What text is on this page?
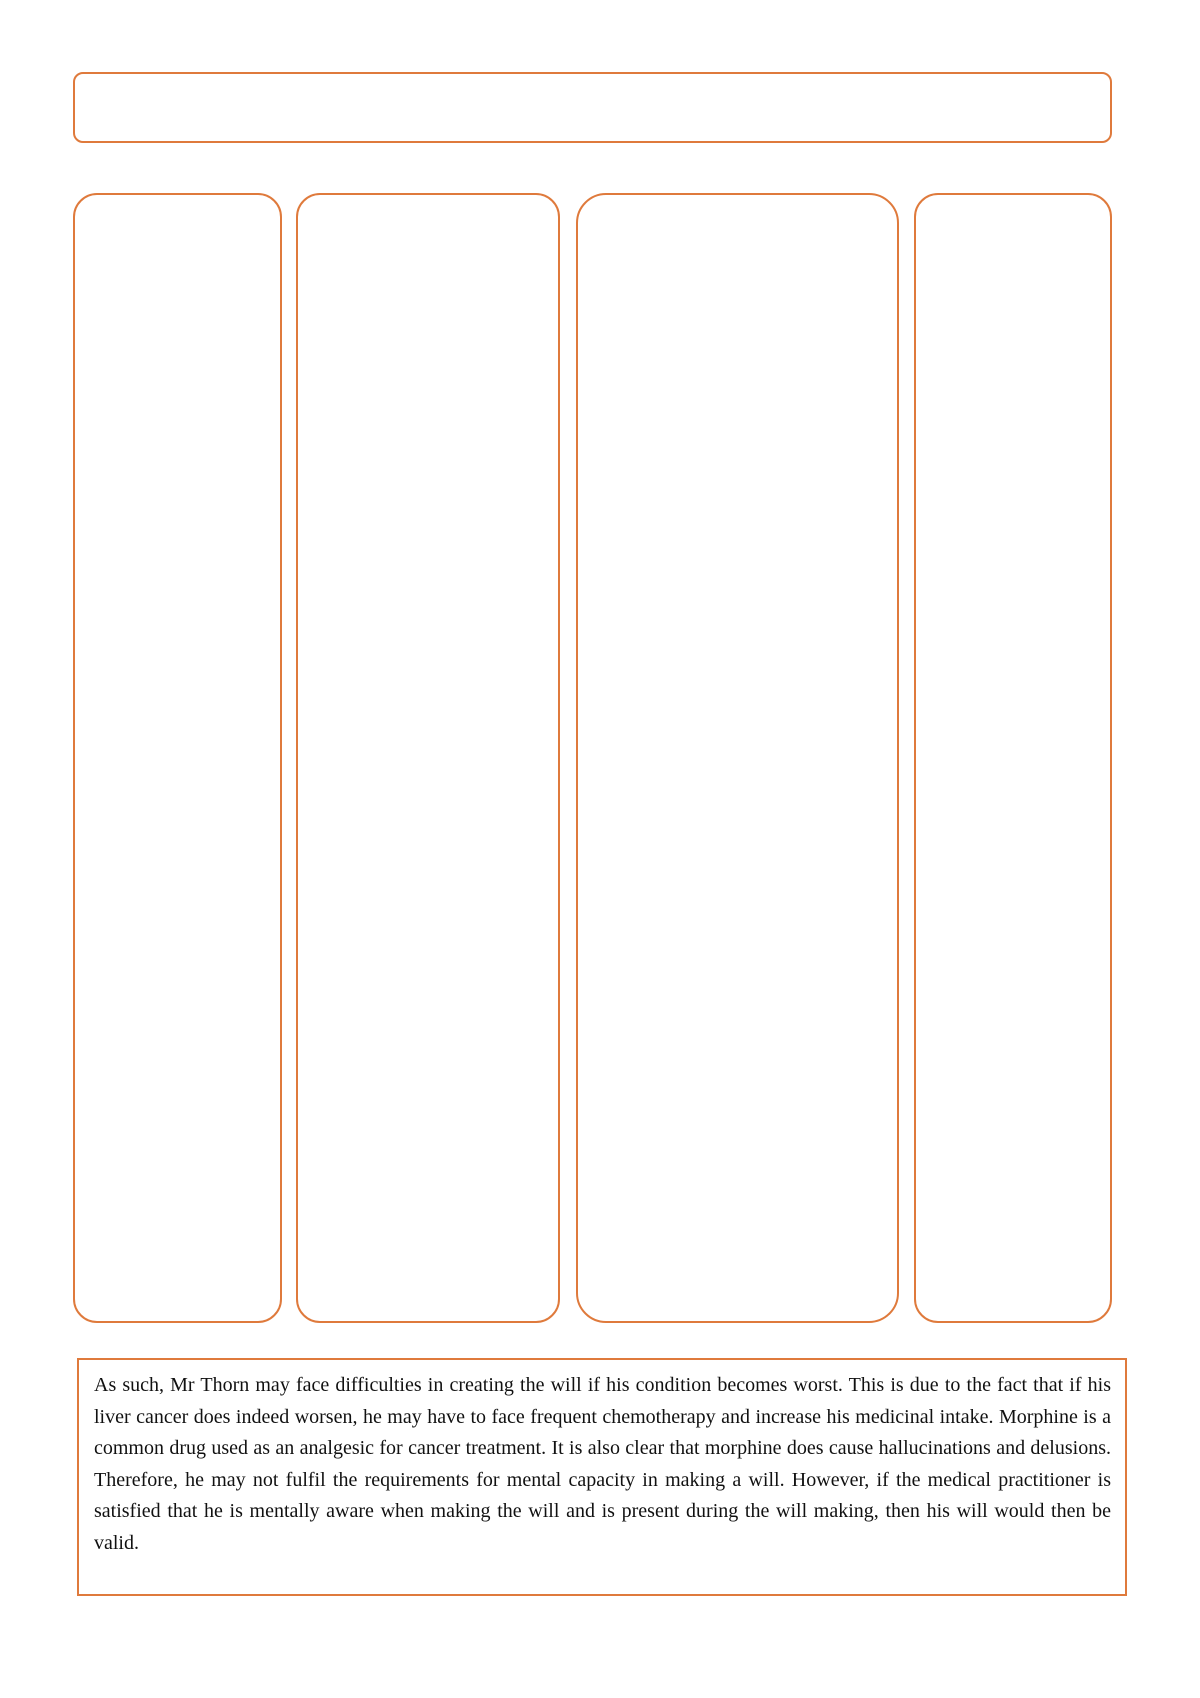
As such, Mr Thorn may face difficulties in creating the will if his condition becomes worst. This is due to the fact that if his liver cancer does indeed worsen, he may have to face frequent chemotherapy and increase his medicinal intake. Morphine is a common drug used as an analgesic for cancer treatment. It is also clear that morphine does cause hallucinations and delusions. Therefore, he may not fulfil the requirements for mental capacity in making a will. However, if the medical practitioner is satisfied that he is mentally aware when making the will and is present during the will making, then his will would then be valid.
